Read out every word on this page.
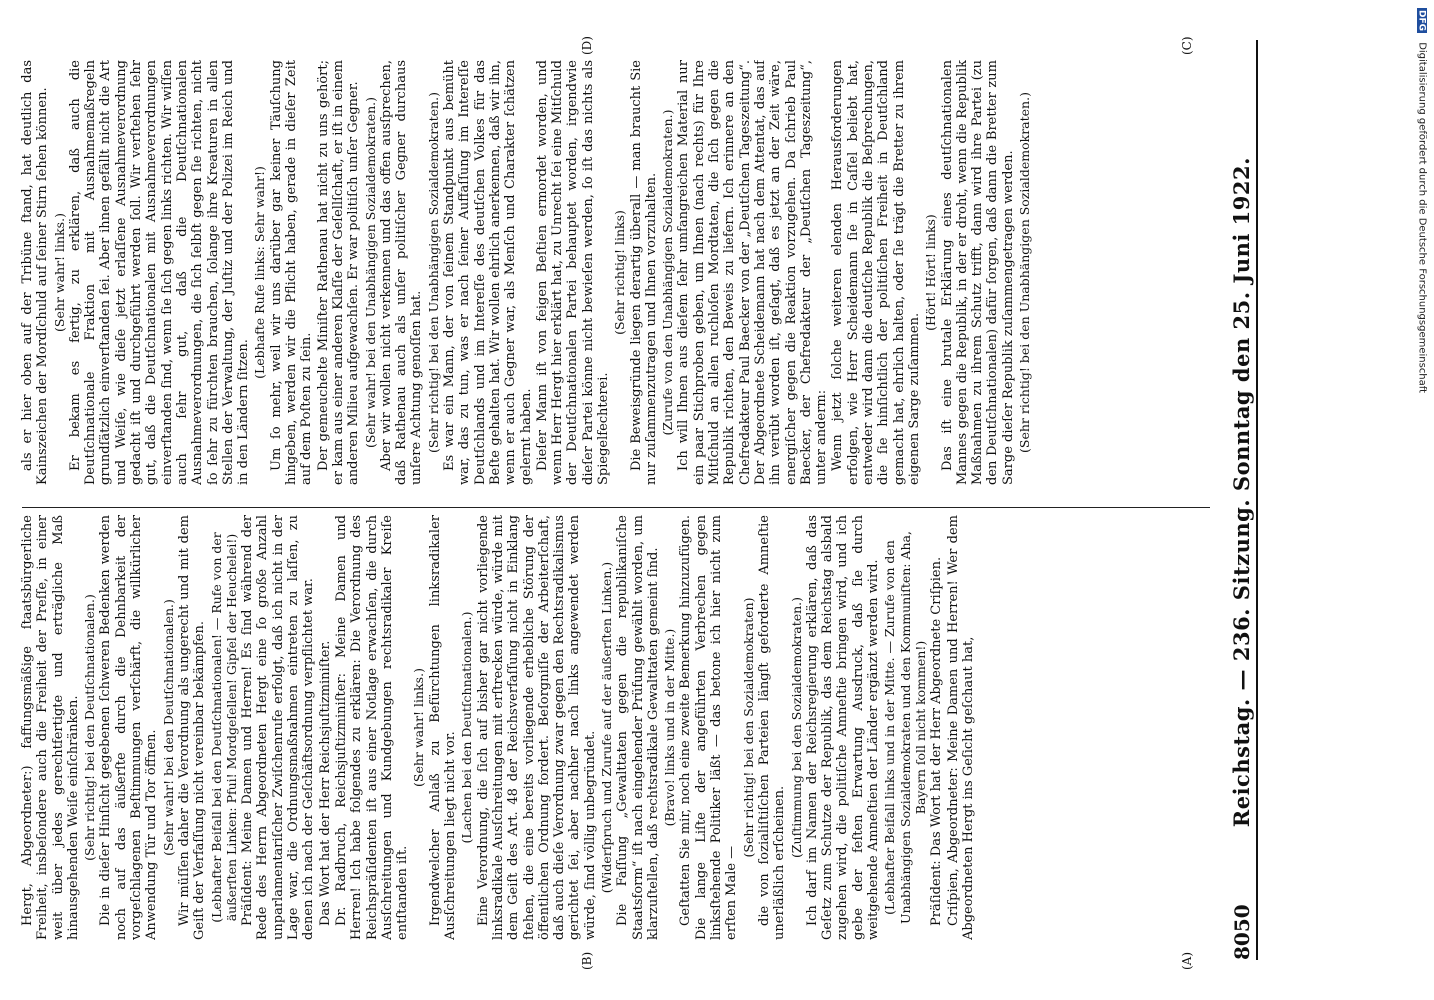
8050
Reichstag. — 236. Sitzung. Sonntag den 25. Juni 1922.

Hergt, Abgeordneter:) faffungsmäßige ſtaatsbürgerliche Freiheit, insbeſondere auch die Freiheit der Preſſe, in einer weit über jedes gerechtfertigte und erträgliche Maß hinausgehenden Weiſe einſchränken. (Sehr richtig! bei den Deutſchnationalen.) Die in dieſer Hinſicht gegebenen ſchweren Bedenken werden noch auf das äußerſte durch die Dehnbarkeit der vorgeſchlagenen Beſtimmungen verſchärft, die willkürlicher Anwendung Tür und Tor öffnen. (Sehr wahr! bei den Deutſchnationalen.) Wir müſſen daher die Verordnung als ungerecht und mit dem Geiſt der Verfaſſung nicht vereinbar bekämpfen. (Lebhafter Beifall bei den Deutſchnationalen! — Rufe von der äußerſten Linken: Pfui! Mordgeſellen! Gipfel der Heuchelei!) Präſident: Meine Damen und Herren! Es ſind während der Rede des Herrn Abgeordneten Hergt eine ſo große Anzahl unparlamentariſcher Zwiſchenrufe erfolgt, daß ich nicht in der Lage war, die Ordnungsmaßnahmen eintreten zu laſſen, zu denen ich nach der Geſchäftsordnung verpflichtet war. Das Wort hat der Herr Reichsjuſtizminiſter. Dr. Radbruch, Reichsjuſtizminiſter: Meine Damen und Herren! Ich habe folgendes zu erklären: Die Verordnung des Reichspräſidenten iſt aus einer Notlage erwachſen, die durch Ausſchreitungen und Kundgebungen rechtsradikaler Kreiſe entſtanden iſt.

(Sehr wahr! links.) Irgendwelcher Anlaß zu Befürchtungen linksradikaler Ausſchreitungen liegt nicht vor. (Lachen bei den Deutſchnationalen.) Eine Verordnung, die ſich auf bisher gar nicht vorliegende linksradikale Ausſchreitungen mit erſtrecken würde, würde mit dem Geiſt des Art. 48 der Reichsverfaſſung nicht in Einklang ſtehen, die eine bereits vorliegende erhebliche Störung der öffentlichen Ordnung fordert. Beſorgniſſe der Arbeiterſchaft, daß auch dieſe Verordnung zwar gegen den Rechtsradikalismus gerichtet ſei, aber nachher nach links angewendet werden würde, ſind völlig unbegründet. (Widerſpruch und Zurufe auf der äußerſten Linken.) Die Faſſung „Gewalttaten gegen die republikaniſche Staatsform“ iſt nach eingehender Prüfung gewählt worden, um klarzuſtellen, daß rechtsradikale Gewalttaten gemeint ſind. (Bravo! links und in der Mitte.) Geſtatten Sie mir, noch eine zweite Bemerkung hinzuzufügen. Die lange Liſte der angeführten Verbrechen gegen linksſtehende Politiker läßt — das betone ich hier nicht zum erſten Male —

(Sehr richtig! bei den Sozialdemokraten) die von ſozialiſtiſchen Parteien längſt geforderte Amneſtie unerläßlich erſcheinen.

(Zuſtimmung bei den Sozialdemokraten.) Ich darf im Namen der Reichsregierung erklären, daß das Geſetz zum Schutze der Republik, das dem Reichstag alsbald zugehen wird, die politiſche Amneſtie bringen wird, und ich gebe der feſten Erwartung Ausdruck, daß ſie durch weitgehende Amneſtien der Länder ergänzt werden wird. (Lebhafter Beifall links und in der Mitte. — Zurufe von den Unabhängigen Sozialdemokraten und den Kommuniſten: Aha, Bayern ſoll nicht kommen!) Präſident: Das Wort hat der Herr Abgeordnete Criſpien. Criſpien, Abgeordneter: Meine Damen und Herren! Wer dem Abgeordneten Hergt ins Geſicht geſchaut hat,

als er hier oben auf der Tribüne ſtand, hat deutlich das Kainszeichen der Mordſchuld auf ſeiner Stirn ſehen können. (Sehr wahr! links.) Er bekam es fertig, zu erklären, daß auch die Deutſchnationale Fraktion mit Ausnahmemaßregeln grundſätzlich einverſtanden ſei. Aber ihnen gefällt nicht die Art und Weiſe, wie dieſe jetzt erlaſſene Ausnahmeverordnung gedacht iſt und durchgeführt werden ſoll. Wir verſtehen ſehr gut, daß die Deutſchnationalen mit Ausnahmeverordnungen einverſtanden ſind, wenn ſie ſich gegen links richten. Wir wiſſen auch ſehr gut, daß die Deutſchnationalen Ausnahmeverordnungen, die ſich ſelbſt gegen ſie richten, nicht ſo ſehr zu fürchten brauchen, ſolange ihre Kreaturen in allen Stellen der Verwaltung, der Juſtiz und der Polizei im Reich und in den Ländern ſitzen.

(Lebhafte Rufe links: Sehr wahr!) Um ſo mehr, weil wir uns darüber gar keiner Täuſchung hingeben, werden wir die Pflicht haben, gerade in dieſer Zeit auf dem Poſten zu ſein. Der gemeuchelte Miniſter Rathenau hat nicht zu uns gehört; er kam aus einer anderen Klaſſe der Geſellſchaft, er iſt in einem anderen Milieu aufgewachſen. Er war politiſch unſer Gegner. (Sehr wahr! bei den Unabhängigen Sozialdemokraten.) Aber wir wollen nicht verkennen und das offen ausſprechen, daß Rathenau auch als unſer politiſcher Gegner durchaus unſere Achtung genoſſen hat. (Sehr richtig! bei den Unabhängigen Sozialdemokraten.) Es war ein Mann, der von ſeinem Standpunkt aus bemüht war, das zu tun, was er nach ſeiner Auffaſſung im Intereſſe Deutſchlands und im Intereſſe des deutſchen Volkes für das Beſte gehalten hat. Wir wollen ehrlich anerkennen, daß wir ihn, wenn er auch Gegner war, als Menſch und Charakter ſchätzen gelernt haben. Dieſer Mann iſt von feigen Beſtien ermordet worden, und wenn Herr Hergt hier erklärt hat, zu Unrecht ſei eine Mitſchuld der Deutſchnationalen Partei behauptet worden, irgendwie dieſer Partei könne nicht bewieſen werden, ſo iſt das nichts als Spiegelfechterei.

(Sehr richtig! links) Die Beweisgründe liegen derartig überall — man braucht Sie nur zuſammenzutragen und Ihnen vorzuhalten. (Zurufe von den Unabhängigen Sozialdemokraten.) Ich will Ihnen aus dieſem ſehr umfangreichen Material nur ein paar Stichproben geben, um Ihnen (nach rechts) für Ihre Mitſchuld an allen ruchloſen Mordtaten, die ſich gegen die Republik richten, den Beweis zu liefern. Ich erinnere an den Chefredakteur Paul Baecker von der „Deutſchen Tageszeitung“. Der Abgeordnete Scheidemann hat nach dem Attentat, das auf ihn verübt worden iſt, geſagt, daß es jetzt an der Zeit wäre, energiſcher gegen die Reaktion vorzugehen. Da ſchrieb Paul Baecker, der Chefredakteur der „Deutſchen Tageszeitung“, unter anderm: Wenn jetzt ſolche weiteren elenden Herausforderungen erfolgen, wie Herr Scheidemann ſie in Caſſel beliebt hat, entweder wird dann die deutſche Republik die Beſprechungen, die ſie hinſichtlich der politiſchen Freiheit in Deutſchland gemacht hat, ehrlich halten, oder ſie trägt die Bretter zu ihrem eigenen Sarge zuſammen.

(Hört! Hört! links) Das iſt eine brutale Erklärung eines deutſchnationalen Mannes gegen die Republik, in der er droht, wenn die Republik Maßnahmen zu ihrem Schutz trifft, dann wird ihre Partei (zu den Deutſchnationalen) dafür ſorgen, daß dann die Bretter zum Sarge dieſer Republik zuſammengetragen werden. (Sehr richtig! bei den Unabhängigen Sozialdemokraten.)

(A)
(B)
(C)
(D)
DFG Digitalisierung gefördert durch die Deutsche Forschungsgemeinschaft
